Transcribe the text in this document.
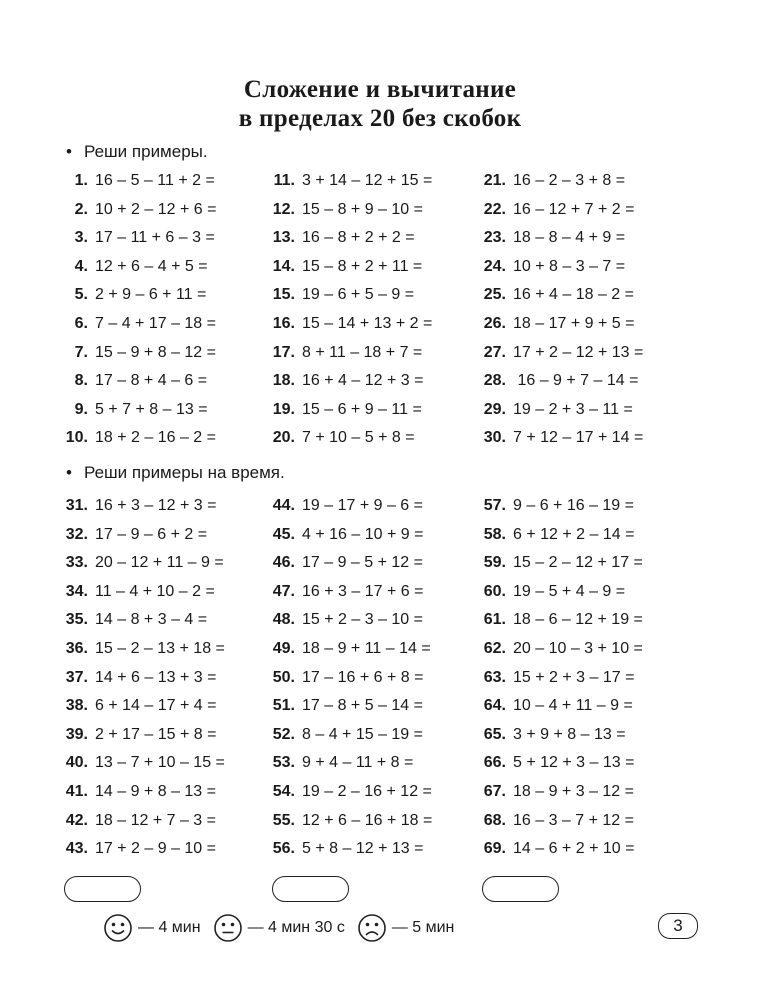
Сложение и вычитание
в пределах 20 без скобок
• Реши примеры.
1. 16 – 5 – 11 + 2 =
2. 10 + 2 – 12 + 6 =
3. 17 – 11 + 6 – 3 =
4. 12 + 6 – 4 + 5 =
5. 2 + 9 – 6 + 11 =
6. 7 – 4 + 17 – 18 =
7. 15 – 9 + 8 – 12 =
8. 17 – 8 + 4 – 6 =
9. 5 + 7 + 8 – 13 =
10. 18 + 2 – 16 – 2 =
11. 3 + 14 – 12 + 15 =
12. 15 – 8 + 9 – 10 =
13. 16 – 8 + 2 + 2 =
14. 15 – 8 + 2 + 11 =
15. 19 – 6 + 5 – 9 =
16. 15 – 14 + 13 + 2 =
17. 8 + 11 – 18 + 7 =
18. 16 + 4 – 12 + 3 =
19. 15 – 6 + 9 – 11 =
20. 7 + 10 – 5 + 8 =
21. 16 – 2 – 3 + 8 =
22. 16 – 12 + 7 + 2 =
23. 18 – 8 – 4 + 9 =
24. 10 + 8 – 3 – 7 =
25. 16 + 4 – 18 – 2 =
26. 18 – 17 + 9 + 5 =
27. 17 + 2 – 12 + 13 =
28. 16 – 9 + 7 – 14 =
29. 19 – 2 + 3 – 11 =
30. 7 + 12 – 17 + 14 =
• Реши примеры на время.
31. 16 + 3 – 12 + 3 =
32. 17 – 9 – 6 + 2 =
33. 20 – 12 + 11 – 9 =
34. 11 – 4 + 10 – 2 =
35. 14 – 8 + 3 – 4 =
36. 15 – 2 – 13 + 18 =
37. 14 + 6 – 13 + 3 =
38. 6 + 14 – 17 + 4 =
39. 2 + 17 – 15 + 8 =
40. 13 – 7 + 10 – 15 =
41. 14 – 9 + 8 – 13 =
42. 18 – 12 + 7 – 3 =
43. 17 + 2 – 9 – 10 =
44. 19 – 17 + 9 – 6 =
45. 4 + 16 – 10 + 9 =
46. 17 – 9 – 5 + 12 =
47. 16 + 3 – 17 + 6 =
48. 15 + 2 – 3 – 10 =
49. 18 – 9 + 11 – 14 =
50. 17 – 16 + 6 + 8 =
51. 17 – 8 + 5 – 14 =
52. 8 – 4 + 15 – 19 =
53. 9 + 4 – 11 + 8 =
54. 19 – 2 – 16 + 12 =
55. 12 + 6 – 16 + 18 =
56. 5 + 8 – 12 + 13 =
57. 9 – 6 + 16 – 19 =
58. 6 + 12 + 2 – 14 =
59. 15 – 2 – 12 + 17 =
60. 19 – 5 + 4 – 9 =
61. 18 – 6 – 12 + 19 =
62. 20 – 10 – 3 + 10 =
63. 15 + 2 + 3 – 17 =
64. 10 – 4 + 11 – 9 =
65. 3 + 9 + 8 – 13 =
66. 5 + 12 + 3 – 13 =
67. 18 – 9 + 3 – 12 =
68. 16 – 3 – 7 + 12 =
69. 14 – 6 + 2 + 10 =
— 4 мин	— 4 мин 30 с	— 5 мин	3
